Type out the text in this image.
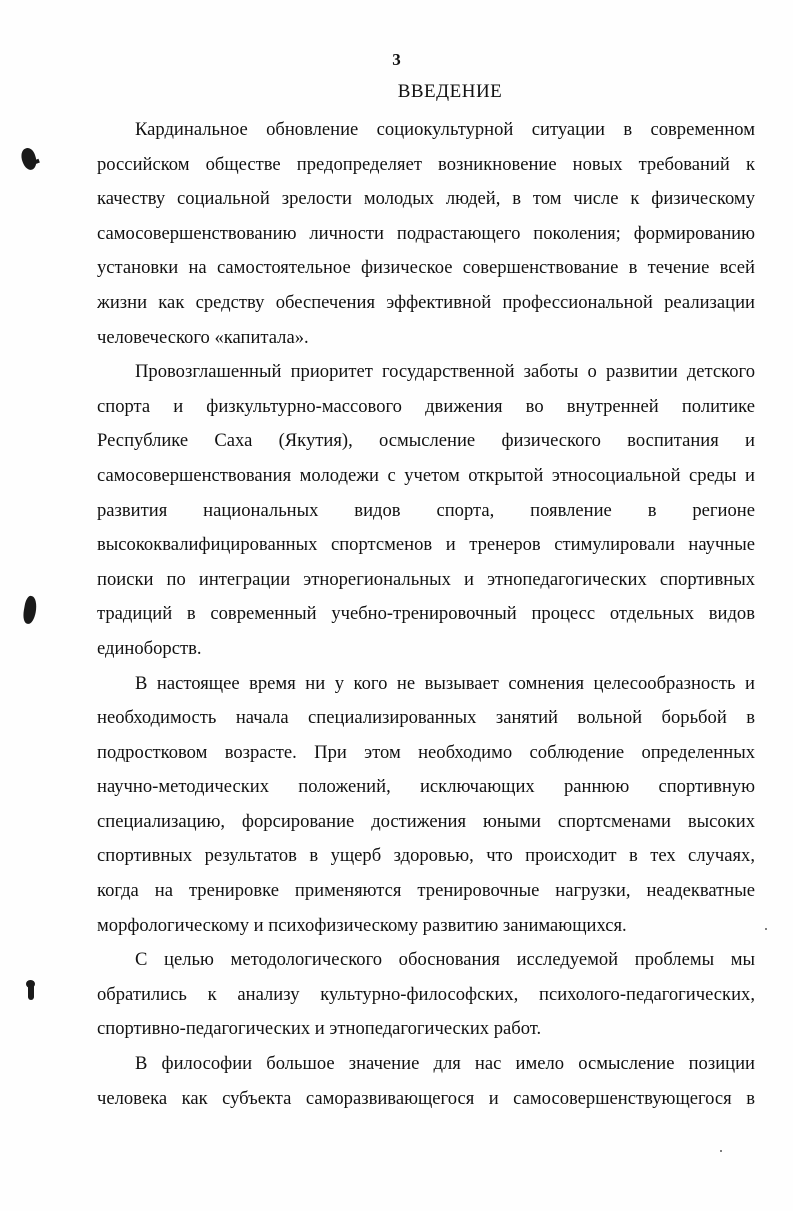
3
ВВЕДЕНИЕ
Кардинальное обновление социокультурной ситуации в современном
российском обществе предопределяет возникновение новых требований к
качеству социальной зрелости молодых людей, в том числе к физическому
самосовершенствованию личности подрастающего поколения; формированию
установки на самостоятельное физическое совершенствование в течение всей
жизни как средству обеспечения эффективной профессиональной реализации
человеческого «капитала».
Провозглашенный приоритет государственной заботы о развитии детского
спорта и физкультурно-массового движения во внутренней политике
Республике Саха (Якутия), осмысление физического воспитания и
самосовершенствования молодежи с учетом открытой этносоциальной среды и
развития национальных видов спорта, появление в регионе
высококвалифицированных спортсменов и тренеров стимулировали научные
поиски по интеграции этнорегиональных и этнопедагогических спортивных
традиций в современный учебно-тренировочный процесс отдельных видов
единоборств.
В настоящее время ни у кого не вызывает сомнения целесообразность и
необходимость начала специализированных занятий вольной борьбой в
подростковом возрасте. При этом необходимо соблюдение определенных
научно-методических положений, исключающих раннюю спортивную
специализацию, форсирование достижения юными спортсменами высоких
спортивных результатов в ущерб здоровью, что происходит в тех случаях,
когда на тренировке применяются тренировочные нагрузки, неадекватные
морфологическому и психофизическому развитию занимающихся.
С целью методологического обоснования исследуемой проблемы мы
обратились к анализу культурно-философских, психолого-педагогических,
спортивно-педагогических и этнопедагогических работ.
В философии большое значение для нас имело осмысление позиции
человека как субъекта саморазвивающегося и самосовершенствующегося в
